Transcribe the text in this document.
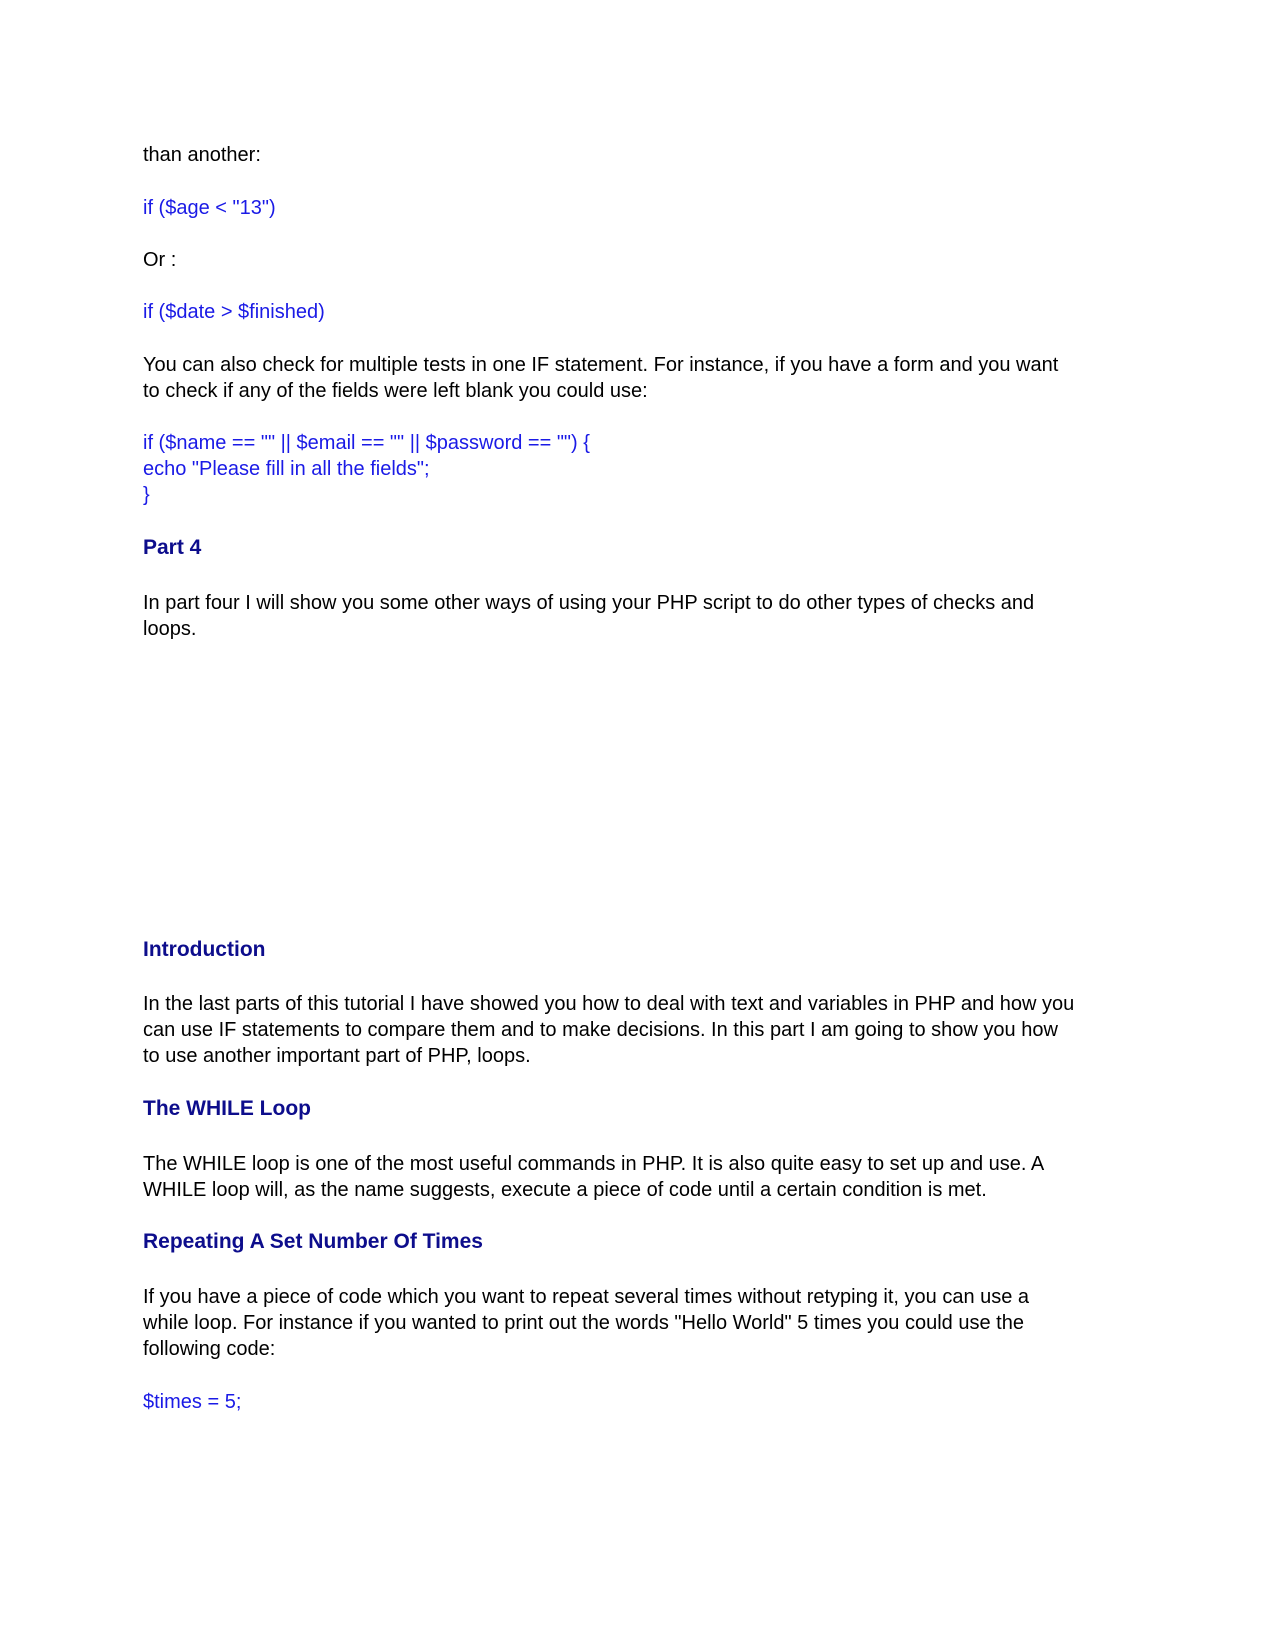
than another:

if ($age < "13")

Or :

if ($date > $finished)

You can also check for multiple tests in one IF statement. For instance, if you have a form and you want

to check if any of the fields were left blank you could use:

if ($name == "" || $email == "" || $password == "") {

echo "Please fill in all the fields";

}

Part 4

In part four I will show you some other ways of using your PHP script to do other types of checks and

loops.

Introduction

In the last parts of this tutorial I have showed you how to deal with text and variables in PHP and how you

can use IF statements to compare them and to make decisions. In this part I am going to show you how

to use another important part of PHP, loops.

The WHILE Loop

The WHILE loop is one of the most useful commands in PHP. It is also quite easy to set up and use. A

WHILE loop will, as the name suggests, execute a piece of code until a certain condition is met.

Repeating A Set Number Of Times

If you have a piece of code which you want to repeat several times without retyping it, you can use a

while loop. For instance if you wanted to print out the words "Hello World" 5 times you could use the

following code:

$times = 5;
